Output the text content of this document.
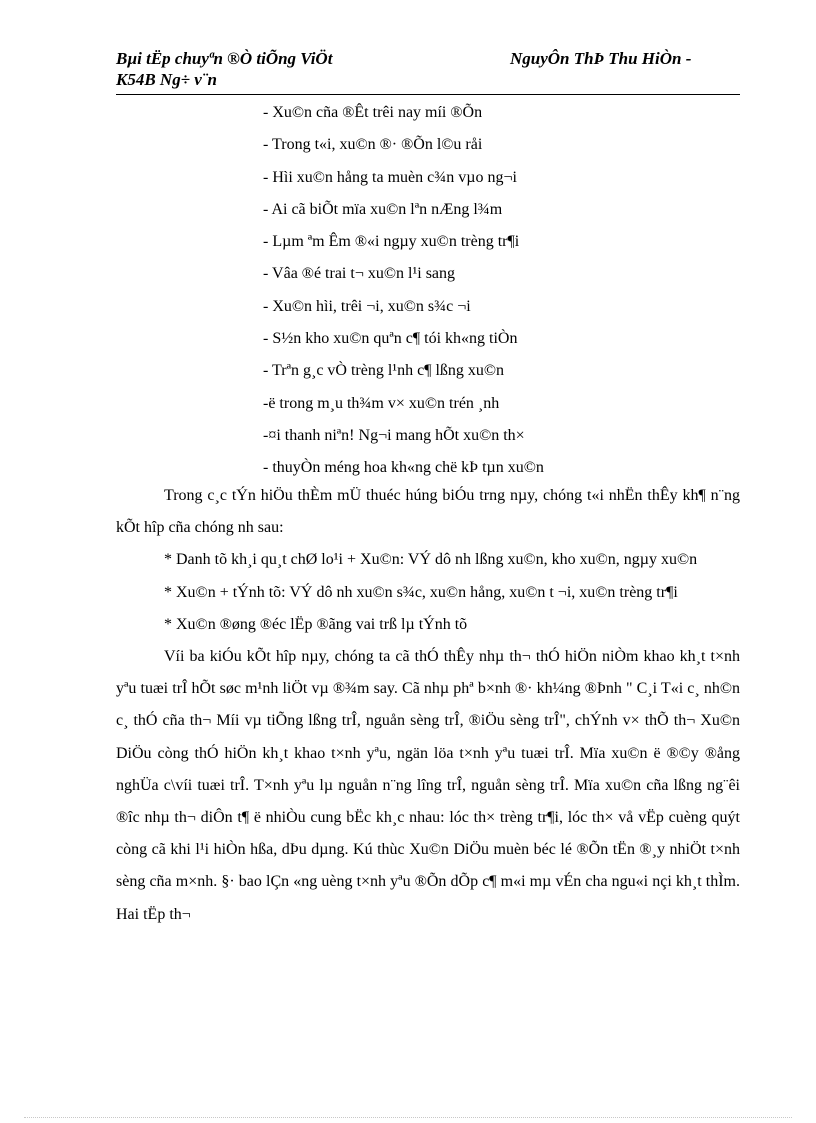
Bµi tËp chuyªn ®Ò tiÕng ViÖt	NguyÔn ThÞ Thu HiÒn -
K54B Ng÷ v¨n
- Xu©n cña ®Êt trêi nay míi ®Õn
- Trong t«i, xu©n ®· ®Õn l©u råi
- Hìi xu©n hång ta muèn c¾n vµo ng¬i
- Ai cã biÕt mïa xu©n lªn nÆng l¾m
- Lµm ªm Êm ®«i ngµy xu©n trèng tr¶i
- Vâa ®é trai t¬ xu©n l¹i sang
- Xu©n hìi, trêi ¬i, xu©n s¾c ¬i
- S½n kho xu©n quªn c¶ tói kh«ng tiÒn
- Trªn g¸c vÒ trèng l¹nh c¶ lßng xu©n
-ë trong m¸u th¾m v× xu©n trén ¸nh
-¤i thanh niªn! Ng¬i mang hÕt xu©n th×
- thuyÒn méng hoa kh«ng chë kÞ tµn xu©n

Trong c¸c tÝn hiÖu thÈm mÜ thuéc húng biÓu trng nµy, chóng t«i nhËn thÊy kh¶ n¨ng kÕt hîp cña chóng nh sau:

* Danh tõ kh¸i qu¸t chØ lo¹i + Xu©n: VÝ dô nh lßng xu©n, kho xu©n, ngµy xu©n

* Xu©n + tÝnh tõ: VÝ dô nh xu©n s¾c, xu©n hång, xu©n t ¬i, xu©n trèng tr¶i

* Xu©n ®øng ®éc lËp ®ãng vai trß lµ tÝnh tõ

Víi ba kiÓu kÕt hîp nµy, chóng ta cã thÓ thÊy nhµ th¬ thÓ hiÖn niÒm khao kh¸t t×nh yªu tuæi trÎ hÕt søc m¹nh liÖt vµ ®¾m say. Cã nhµ phª b×nh ®· kh¼ng ®Þnh " C¸i T«i c¸ nh©n c¸ thÓ cña th¬ Míi vµ tiÕng lßng trÎ, nguån sèng trÎ, ®iÖu sèng trÎ", chÝnh v× thÕ th¬ Xu©n DiÖu còng thÓ hiÖn kh¸t khao t×nh yªu, ngän löa t×nh yªu tuæi trÎ. Mïa xu©n ë ®©y ®ång nghÜa c\víi tuæi trÎ. T×nh yªu lµ nguån n¨ng lîng trÎ, nguån sèng trÎ. Mïa xu©n cña lßng ng¨êi ®îc nhµ th¬ diÔn t¶ ë nhiÒu cung bËc kh¸c nhau: lóc th× trèng tr¶i, lóc th× vå vËp cuèng quýt còng cã khi l¹i hiÒn hßa, dÞu dµng. Kú thùc Xu©n DiÖu muèn béc lé ®Õn tËn ®¸y nhiÖt t×nh sèng cña m×nh. §· bao lÇn «ng uèng t×nh yªu ®Õn dÕp c¶ m«i mµ vÉn cha ngu«i nçi kh¸t thÌm. Hai tËp th¬
